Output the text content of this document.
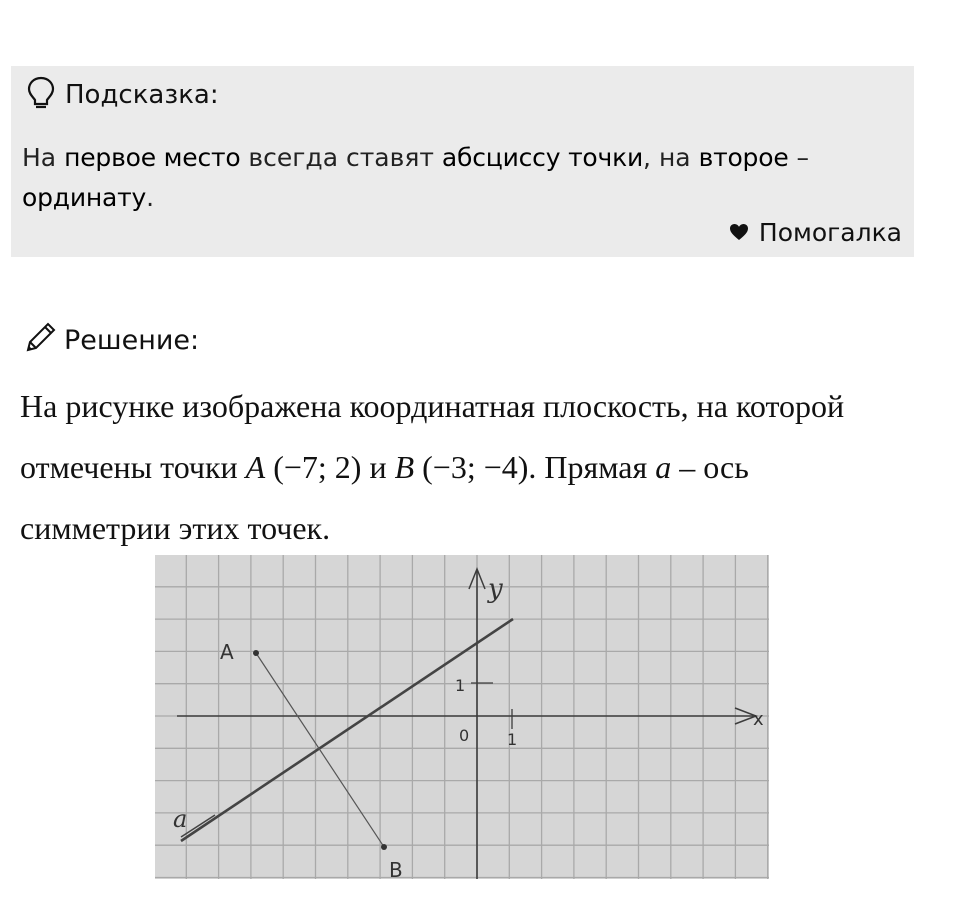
Подсказка:
На первое место всегда ставят абсциссу точки, на второе –
ординату.
Помогалка
Решение:
На рисунке изображена координатная плоскость, на которой
отмечены точки A (−7; 2) и B (−3; −4). Прямая a – ось
симметрии этих точек.
y
x
1
1
0
A
B
a
